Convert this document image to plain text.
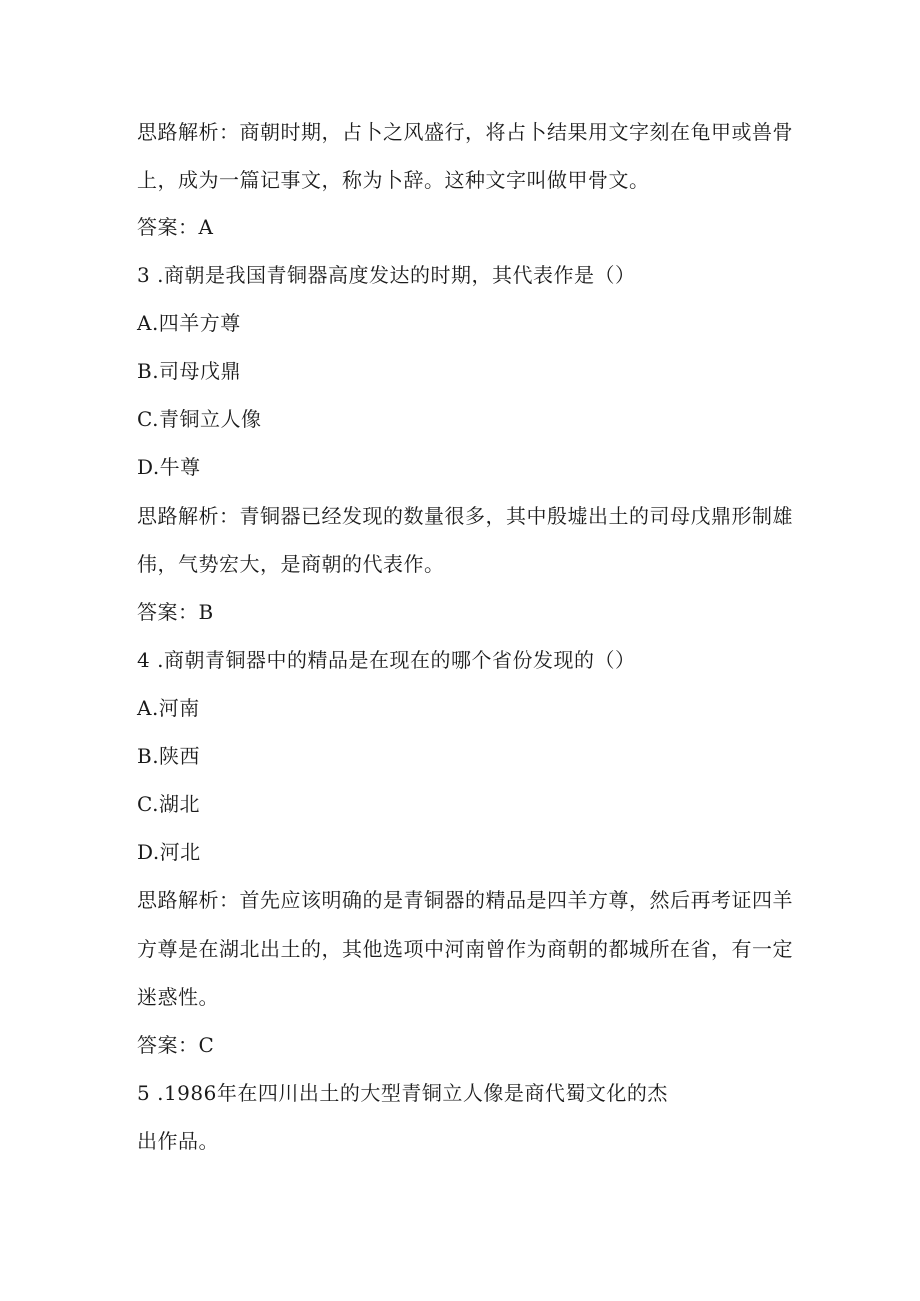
思路解析：商朝时期，占卜之风盛行，将占卜结果用文字刻在龟甲或兽骨
上，成为一篇记事文，称为卜辞。这种文字叫做甲骨文。
答案：A
3 .商朝是我国青铜器高度发达的时期，其代表作是（）
A.四羊方尊
B.司母戊鼎
C.青铜立人像
D.牛尊
思路解析：青铜器已经发现的数量很多，其中殷墟出土的司母戊鼎形制雄
伟，气势宏大，是商朝的代表作。
答案：B
4 .商朝青铜器中的精品是在现在的哪个省份发现的（）
A.河南
B.陕西
C.湖北
D.河北
思路解析：首先应该明确的是青铜器的精品是四羊方尊，然后再考证四羊
方尊是在湖北出土的，其他选项中河南曾作为商朝的都城所在省，有一定
迷惑性。
答案：C
5 .1986年在四川出土的大型青铜立人像是商代蜀文化的杰
出作品。
